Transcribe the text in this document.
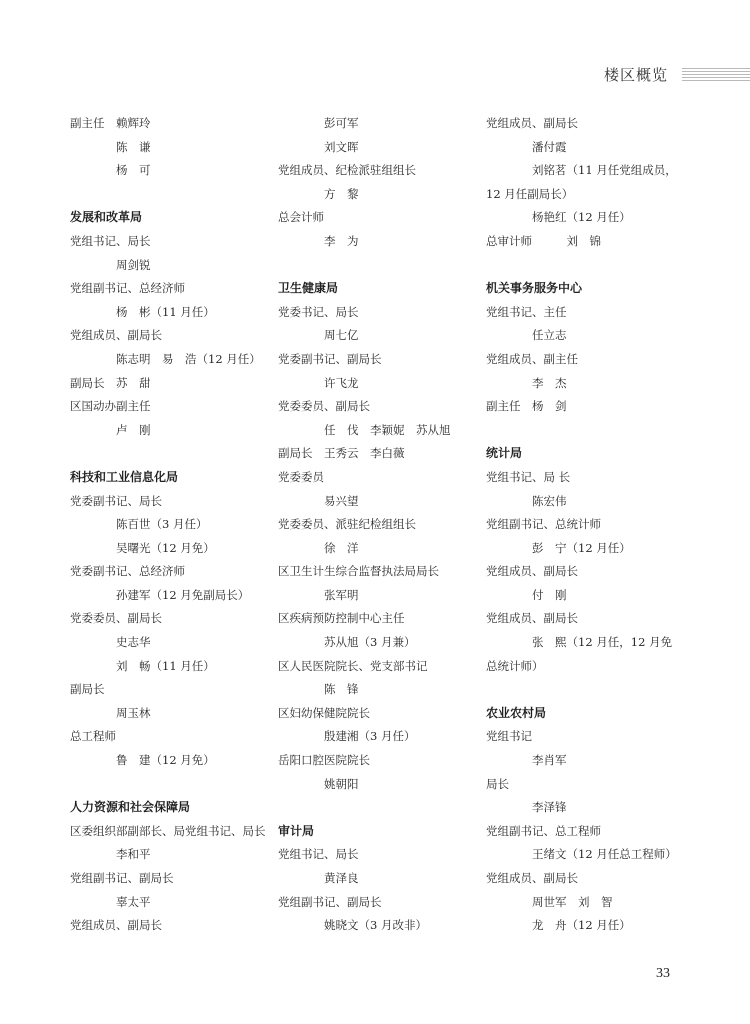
楼区概览
副主任　赖辉玲
陈　谦
杨　可
发展和改革局
党组书记、局长
周剑锐
党组副书记、总经济师
杨　彬（11 月任）
党组成员、副局长
陈志明　易　浩（12 月任）
副局长　苏　甜
区国动办副主任
卢　刚
科技和工业信息化局
党委副书记、局长
陈百世（3 月任）
吴曙光（12 月免）
党委副书记、总经济师
孙建军（12 月免副局长）
党委委员、副局长
史志华
刘　畅（11 月任）
副局长
周玉林
总工程师
鲁　建（12 月免）
人力资源和社会保障局
区委组织部副部长、局党组书记、局长
李和平
党组副书记、副局长
辜太平
党组成员、副局长
彭可军
刘文晖
党组成员、纪检派驻组组长
方　黎
总会计师
李　为
卫生健康局
党委书记、局长
周七亿
党委副书记、副局长
许飞龙
党委委员、副局长
任　伐　李颖妮　苏从旭
副局长　王秀云　李白薇
党委委员
易兴望
党委委员、派驻纪检组组长
徐　洋
区卫生计生综合监督执法局局长
张军明
区疾病预防控制中心主任
苏从旭（3 月兼）
区人民医院院长、党支部书记
陈　锋
区妇幼保健院院长
殷建湘（3 月任）
岳阳口腔医院院长
姚朝阳
审计局
党组书记、局长
黄泽良
党组副书记、副局长
姚晓文（3 月改非）
党组成员、副局长
潘付霞
刘铭茗（11 月任党组成员，
12 月任副局长）
杨艳红（12 月任）
总审计师　　　刘　锦
机关事务服务中心
党组书记、主任
任立志
党组成员、副主任
李　杰
副主任　杨　剑
统计局
党组书记、局 长
陈宏伟
党组副书记、总统计师
彭　宁（12 月任）
党组成员、副局长
付　刚
党组成员、副局长
张　熙（12 月任，12 月免
总统计师）
农业农村局
党组书记
李肖军
局长
李泽锋
党组副书记、总工程师
王绪文（12 月任总工程师）
党组成员、副局长
周世军　刘　智
龙　舟（12 月任）
33
